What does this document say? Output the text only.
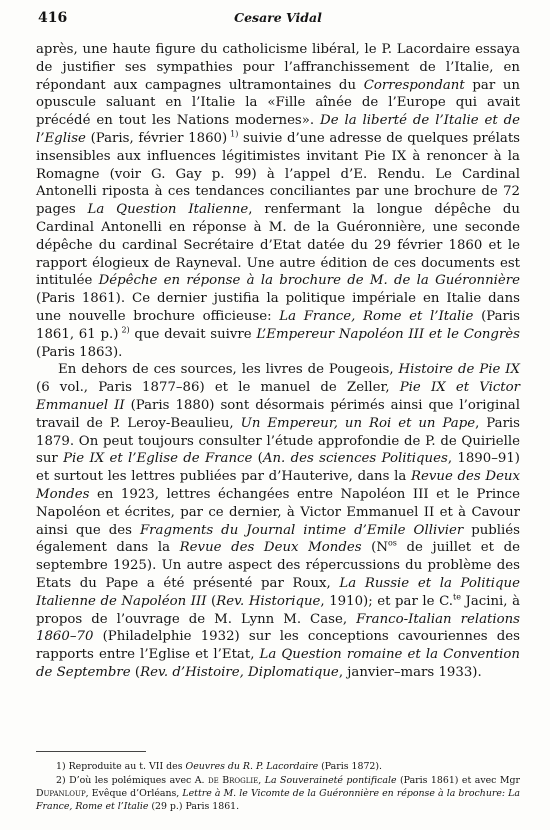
416	Cesare Vidal

après, une haute figure du catholicisme libéral, le P. Lacordaire essaya de justifier ses sympathies pour l’affranchissement de l’Italie, en répondant aux campagnes ultramontaines du Correspondant par un opuscule saluant en l’Italie la «Fille aînée de l’Europe qui avait précédé en tout les Nations modernes». De la liberté de l’Italie et de l’Eglise (Paris, février 1860) $^{1)}$ suivie d’une adresse de quelques prélats insensibles aux influences légitimistes invitant Pie IX à renoncer à la Romagne (voir G. Gay p. 99) à l’appel d’E. Rendu. Le Cardinal Antonelli riposta à ces tendances conciliantes par une brochure de 72 pages La Question Italienne, renfermant la longue dépêche du Cardinal Antonelli en réponse à M. de la Guéronnière, une seconde dépêche du cardinal Secrétaire d’Etat datée du 29 février 1860 et le rapport élogieux de Rayneval. Une autre édition de ces documents est intitulée Dépêche en réponse à la brochure de M. de la Guéronnière (Paris 1861). Ce dernier justifia la politique impériale en Italie dans une nouvelle brochure officieuse: La France, Rome et l’Italie (Paris 1861, 61 p.) $^{2)}$ que devait suivre L’Empereur Napoléon III et le Congrès (Paris 1863).

En dehors de ces sources, les livres de Pougeois, Histoire de Pie IX (6 vol., Paris 1877–86) et le manuel de Zeller, Pie IX et Victor Emmanuel II (Paris 1880) sont désormais périmés ainsi que l’original travail de P. Leroy-Beaulieu, Un Empereur, un Roi et un Pape, Paris 1879. On peut toujours consulter l’étude approfondie de P. de Quirielle sur Pie IX et l’Eglise de France (An. des sciences Politiques, 1890–91) et surtout les lettres publiées par d’Hauterive, dans la Revue des Deux Mondes en 1923, lettres échangées entre Napoléon III et le Prince Napoléon et écrites, par ce dernier, à Victor Emmanuel II et à Cavour ainsi que des Fragments du Journal intime d’Emile Ollivier publiés également dans la Revue des Deux Mondes ($N^{os}$ de juillet et de septembre 1925). Un autre aspect des répercussions du problème des Etats du Pape a été présenté par Roux, La Russie et la Politique Italienne de Napoléon III (Rev. Historique, 1910); et par le C.$^{te}$ Jacini, à propos de l’ouvrage de M. Lynn M. Case, Franco-Italian relations 1860–70 (Philadelphie 1932) sur les conceptions cavouriennes des rapports entre l’Eglise et l’Etat, La Question romaine et la Convention de Septembre (Rev. d’Histoire, Diplomatique, janvier–mars 1933).

1) Reproduite au t. VII des Oeuvres du R. P. Lacordaire (Paris 1872).

2) D’où les polémiques avec A. de Broglie, La Souveraineté pontificale (Paris 1861) et avec Mgr Dupanloup, Evêque d’Orléans, Lettre à M. le Vicomte de la Guéronnière en réponse à la brochure: La France, Rome et l’Italie (29 p.) Paris 1861.
